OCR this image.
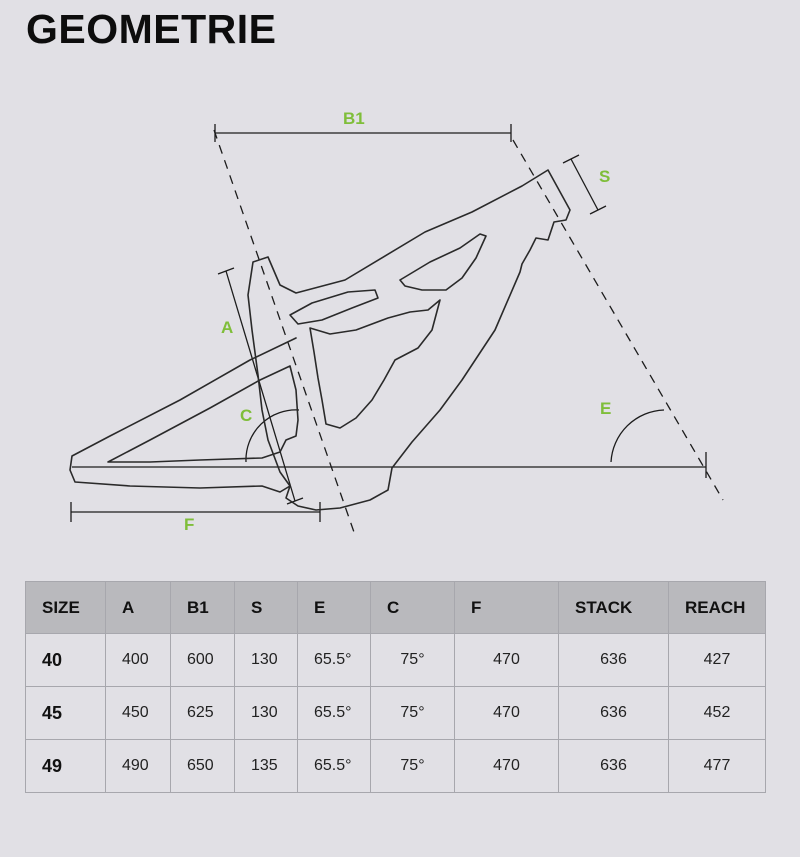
GEOMETRIE
B1
S
A
C	E
F
SIZE	A	B1	S	E	C	F	STACK	REACH
40	400	600	130	65.5°	75°	470	636	427
45	450	625	130	65.5°	75°	470	636	452
49	490	650	135	65.5°	75°	470	636	477
